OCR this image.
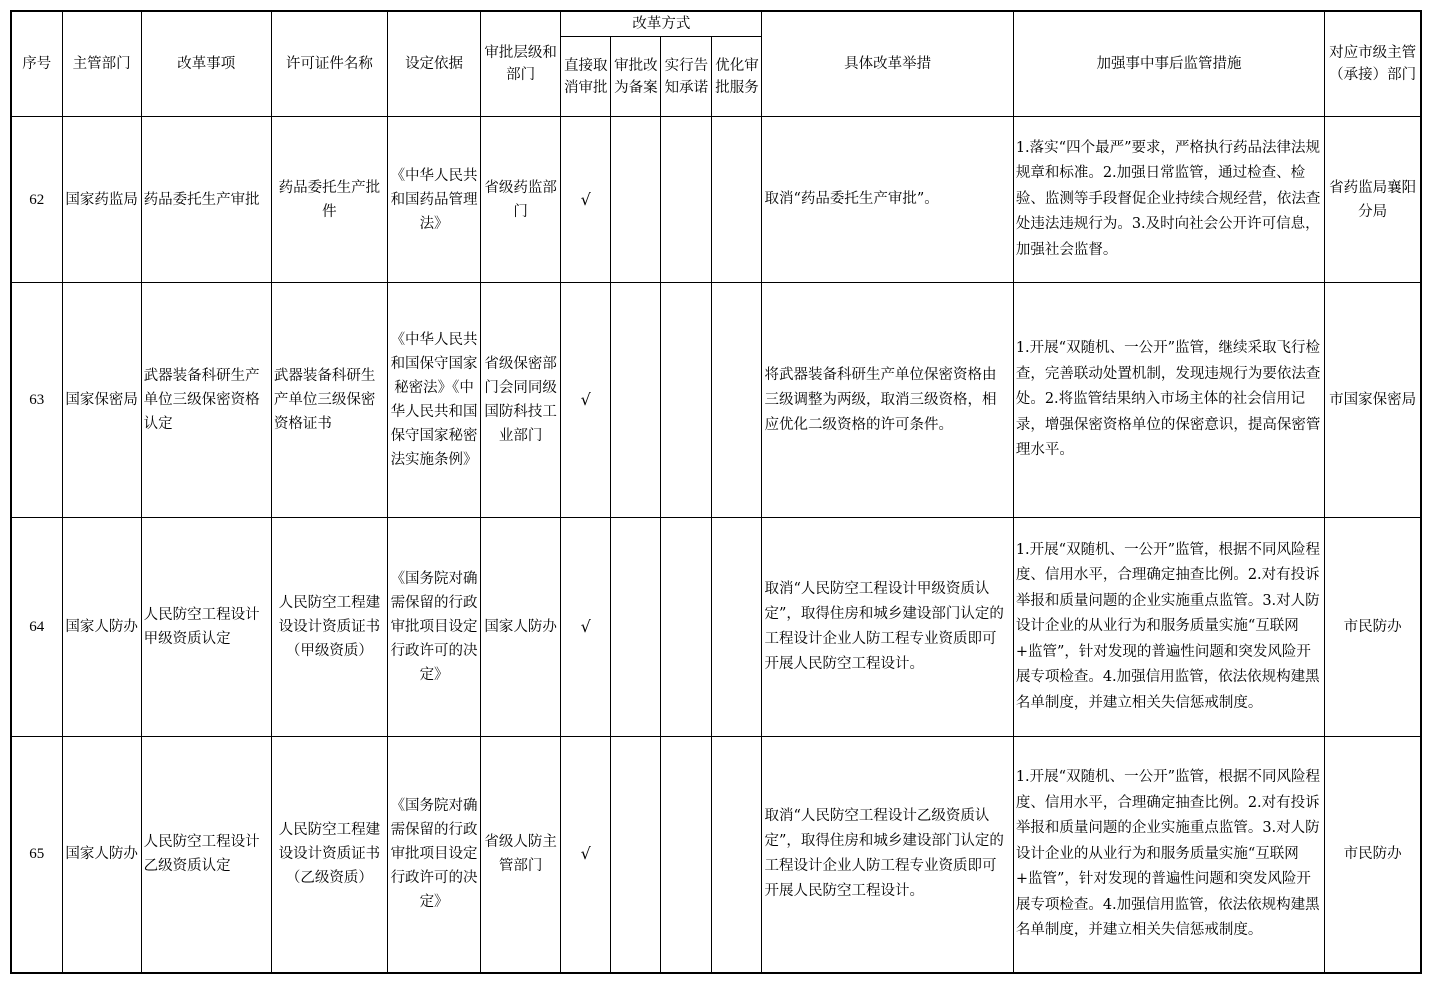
序号	主管部门	改革事项	许可证件名称	设定依据	审批层级和部门	改革方式				具体改革举措	加强事中事后监管措施	对应市级主管（承接）部门
						直接取消审批	审批改为备案	实行告知承诺	优化审批服务			
62	国家药监局	药品委托生产审批	药品委托生产批件	《中华人民共和国药品管理法》	省级药监部门	√				取消“药品委托生产审批”。	1.落实“四个最严”要求，严格执行药品法律法规规章和标准。2.加强日常监管，通过检查、检验、监测等手段督促企业持续合规经营，依法查处违法违规行为。3.及时向社会公开许可信息，加强社会监督。	省药监局襄阳分局
63	国家保密局	武器装备科研生产单位三级保密资格认定	武器装备科研生产单位三级保密资格证书	《中华人民共和国保守国家秘密法》《中华人民共和国保守国家秘密法实施条例》	省级保密部门会同同级国防科技工业部门	√				将武器装备科研生产单位保密资格由三级调整为两级，取消三级资格，相应优化二级资格的许可条件。	1.开展“双随机、一公开”监管，继续采取飞行检查，完善联动处置机制，发现违规行为要依法查处。2.将监管结果纳入市场主体的社会信用记录，增强保密资格单位的保密意识，提高保密管理水平。	市国家保密局
64	国家人防办	人民防空工程设计甲级资质认定	人民防空工程建设设计资质证书（甲级资质）	《国务院对确需保留的行政审批项目设定行政许可的决定》	国家人防办	√				取消“人民防空工程设计甲级资质认定”，取得住房和城乡建设部门认定的工程设计企业人防工程专业资质即可开展人民防空工程设计。	1.开展“双随机、一公开”监管，根据不同风险程度、信用水平，合理确定抽查比例。2.对有投诉举报和质量问题的企业实施重点监管。3.对人防设计企业的从业行为和服务质量实施“互联网+监管”，针对发现的普遍性问题和突发风险开展专项检查。4.加强信用监管，依法依规构建黑名单制度，并建立相关失信惩戒制度。	市民防办
65	国家人防办	人民防空工程设计乙级资质认定	人民防空工程建设设计资质证书（乙级资质）	《国务院对确需保留的行政审批项目设定行政许可的决定》	省级人防主管部门	√				取消“人民防空工程设计乙级资质认定”，取得住房和城乡建设部门认定的工程设计企业人防工程专业资质即可开展人民防空工程设计。	1.开展“双随机、一公开”监管，根据不同风险程度、信用水平，合理确定抽查比例。2.对有投诉举报和质量问题的企业实施重点监管。3.对人防设计企业的从业行为和服务质量实施“互联网+监管”，针对发现的普遍性问题和突发风险开展专项检查。4.加强信用监管，依法依规构建黑名单制度，并建立相关失信惩戒制度。	市民防办
